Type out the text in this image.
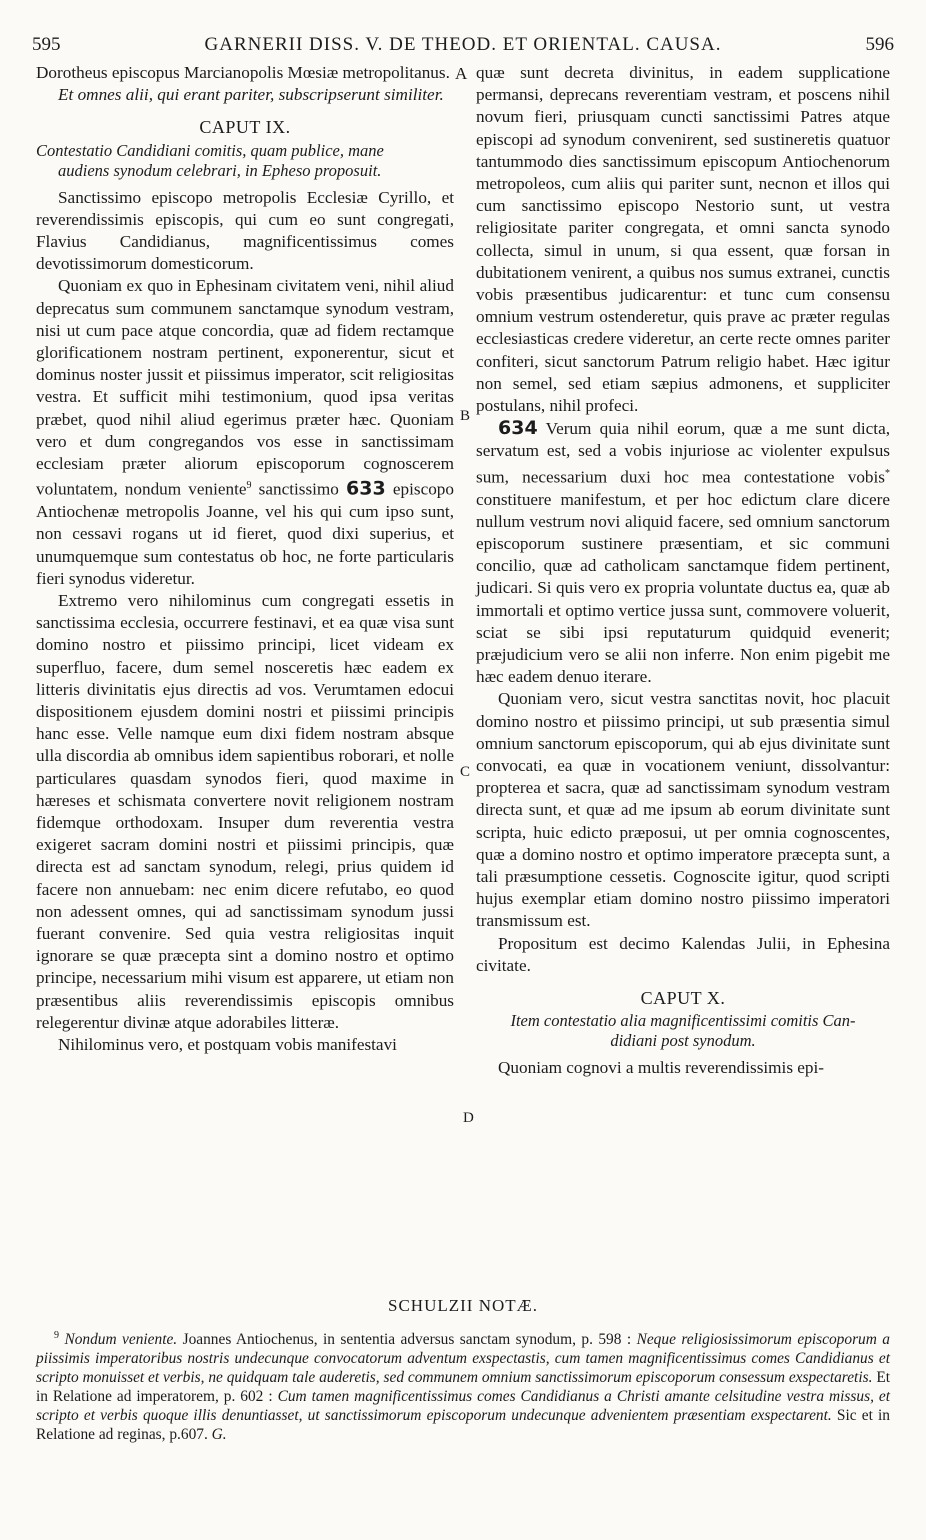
595	GARNERII DISS. V. DE THEOD. ET ORIENTAL. CAUSA.	596
A
B
C
D

Dorotheus episcopus Marcianopolis Mœsiæ metropolitanus.

Et omnes alii, qui erant pariter, subscripserunt similiter.

CAPUT IX.
Contestatio Candidiani comitis, quam publice, mane
audiens synodum celebrari, in Epheso proposuit.

Sanctissimo episcopo metropolis Ecclesiæ Cyrillo, et reverendissimis episcopis, qui cum eo sunt congregati, Flavius Candidianus, magnificentissimus comes devotissimorum domesticorum.

Quoniam ex quo in Ephesinam civitatem veni, nihil aliud deprecatus sum communem sanctamque synodum vestram, nisi ut cum pace atque concordia, quæ ad fidem rectamque glorificationem nostram pertinent, exponerentur, sicut et dominus noster jussit et piissimus imperator, scit religiositas vestra. Et sufficit mihi testimonium, quod ipsa veritas præbet, quod nihil aliud egerimus præter hæc. Quoniam vero et dum congregandos vos esse in sanctissimam ecclesiam præter aliorum episcoporum cognoscerem voluntatem, nondum veniente$^9$ sanctissimo 633 episcopo Antiochenæ metropolis Joanne, vel his qui cum ipso sunt, non cessavi rogans ut id fieret, quod dixi superius, et unumquemque sum contestatus ob hoc, ne forte particularis fieri synodus videretur.

Extremo vero nihilominus cum congregati essetis in sanctissima ecclesia, occurrere festinavi, et ea quæ visa sunt domino nostro et piissimo principi, licet videam ex superfluo, facere, dum semel nosceretis hæc eadem ex litteris divinitatis ejus directis ad vos. Verumtamen edocui dispositionem ejusdem domini nostri et piissimi principis hanc esse. Velle namque eum dixi fidem nostram absque ulla discordia ab omnibus idem sapientibus roborari, et nolle particulares quasdam synodos fieri, quod maxime in hæreses et schismata convertere novit religionem nostram fidemque orthodoxam. Insuper dum reverentia vestra exigeret sacram domini nostri et piissimi principis, quæ directa est ad sanctam synodum, relegi, prius quidem id facere non annuebam: nec enim dicere refutabo, eo quod non adessent omnes, qui ad sanctissimam synodum jussi fuerant convenire. Sed quia vestra religiositas inquit ignorare se quæ præcepta sint a domino nostro et optimo principe, necessarium mihi visum est apparere, ut etiam non præsentibus aliis reverendissimis episcopis omnibus relegerentur divinæ atque adorabiles litteræ.

Nihilominus vero, et postquam vobis manifestavi

quæ sunt decreta divinitus, in eadem supplicatione permansi, deprecans reverentiam vestram, et poscens nihil novum fieri, priusquam cuncti sanctissimi Patres atque episcopi ad synodum convenirent, sed sustineretis quatuor tantummodo dies sanctissimum episcopum Antiochenorum metropoleos, cum aliis qui pariter sunt, necnon et illos qui cum sanctissimo episcopo Nestorio sunt, ut vestra religiositate pariter congregata, et omni sancta synodo collecta, simul in unum, si qua essent, quæ forsan in dubitationem venirent, a quibus nos sumus extranei, cunctis vobis præsentibus judicarentur: et tunc cum consensu omnium vestrum ostenderetur, quis prave ac præter regulas ecclesiasticas credere videretur, an certe recte omnes pariter confiteri, sicut sanctorum Patrum religio habet. Hæc igitur non semel, sed etiam sæpius admonens, et suppliciter postulans, nihil profeci.

634 Verum quia nihil eorum, quæ a me sunt dicta, servatum est, sed a vobis injuriose ac violenter expulsus sum, necessarium duxi hoc mea contestatione vobis* constituere manifestum, et per hoc edictum clare dicere nullum vestrum novi aliquid facere, sed omnium sanctorum episcoporum sustinere præsentiam, et sic communi concilio, quæ ad catholicam sanctamque fidem pertinent, judicari. Si quis vero ex propria voluntate ductus ea, quæ ab immortali et optimo vertice jussa sunt, commovere voluerit, sciat se sibi ipsi reputaturum quidquid evenerit; præjudicium vero se alii non inferre. Non enim pigebit me hæc eadem denuo iterare.

Quoniam vero, sicut vestra sanctitas novit, hoc placuit domino nostro et piissimo principi, ut sub præsentia simul omnium sanctorum episcoporum, qui ab ejus divinitate sunt convocati, ea quæ in vocationem veniunt, dissolvantur: propterea et sacra, quæ ad sanctissimam synodum vestram directa sunt, et quæ ad me ipsum ab eorum divinitate sunt scripta, huic edicto præposui, ut per omnia cognoscentes, quæ a domino nostro et optimo imperatore præcepta sunt, a tali præsumptione cessetis. Cognoscite igitur, quod scripti hujus exemplar etiam domino nostro piissimo imperatori transmissum est.

Propositum est decimo Kalendas Julii, in Ephesina civitate.

CAPUT X.
Item contestatio alia magnificentissimi comitis Can-
didiani post synodum.

Quoniam cognovi a multis reverendissimis epi-

SCHULZII NOTÆ.

$^9$ Nondum veniente. Joannes Antiochenus, in sententia adversus sanctam synodum, p. 598 : Neque religiosissimorum episcoporum a piissimis imperatoribus nostris undecunque convocatorum adventum exspectastis, cum tamen magnificentissimus comes Candidianus et scripto monuisset et verbis, ne quidquam tale auderetis, sed communem omnium sanctissimorum episcoporum consessum exspectaretis. Et in Relatione ad imperatorem, p. 602 : Cum tamen magnificentissimus comes Candidianus a Christi amante celsitudine vestra missus, et scripto et verbis quoque illis denuntiasset, ut sanctissimorum episcoporum undecunque advenientem præsentiam exspectarent. Sic et in Relatione ad reginas, p.607. G.
